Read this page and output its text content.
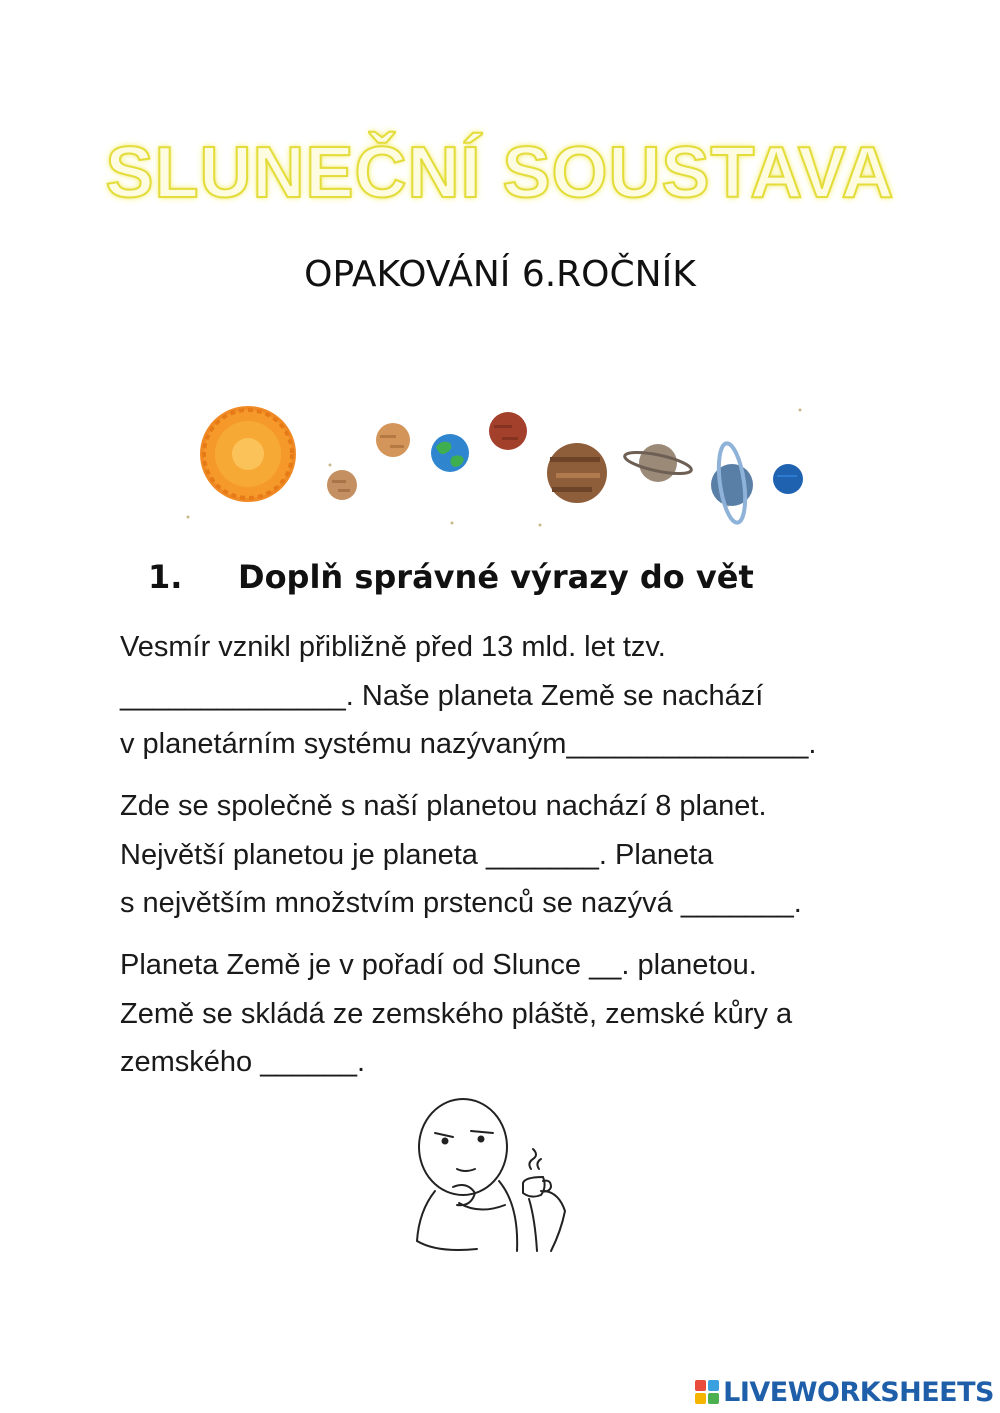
SLUNEČNÍ SOUSTAVA
OPAKOVÁNÍ 6.ROČNÍK
1. Doplň správné výrazy do vět
Vesmír vznikl přibližně před 13 mld. let tzv.
______________. Naše planeta Země se nachází
v planetárním systému nazývaným_______________.
Zde se společně s naší planetou nachází 8 planet.
Největší planetou je planeta _______. Planeta
s největším množstvím prstenců se nazývá _______.
Planeta Země je v pořadí od Slunce __. planetou.
Země se skládá ze zemského pláště, zemské kůry a
zemského ______.
LIVEWORKSHEETS
